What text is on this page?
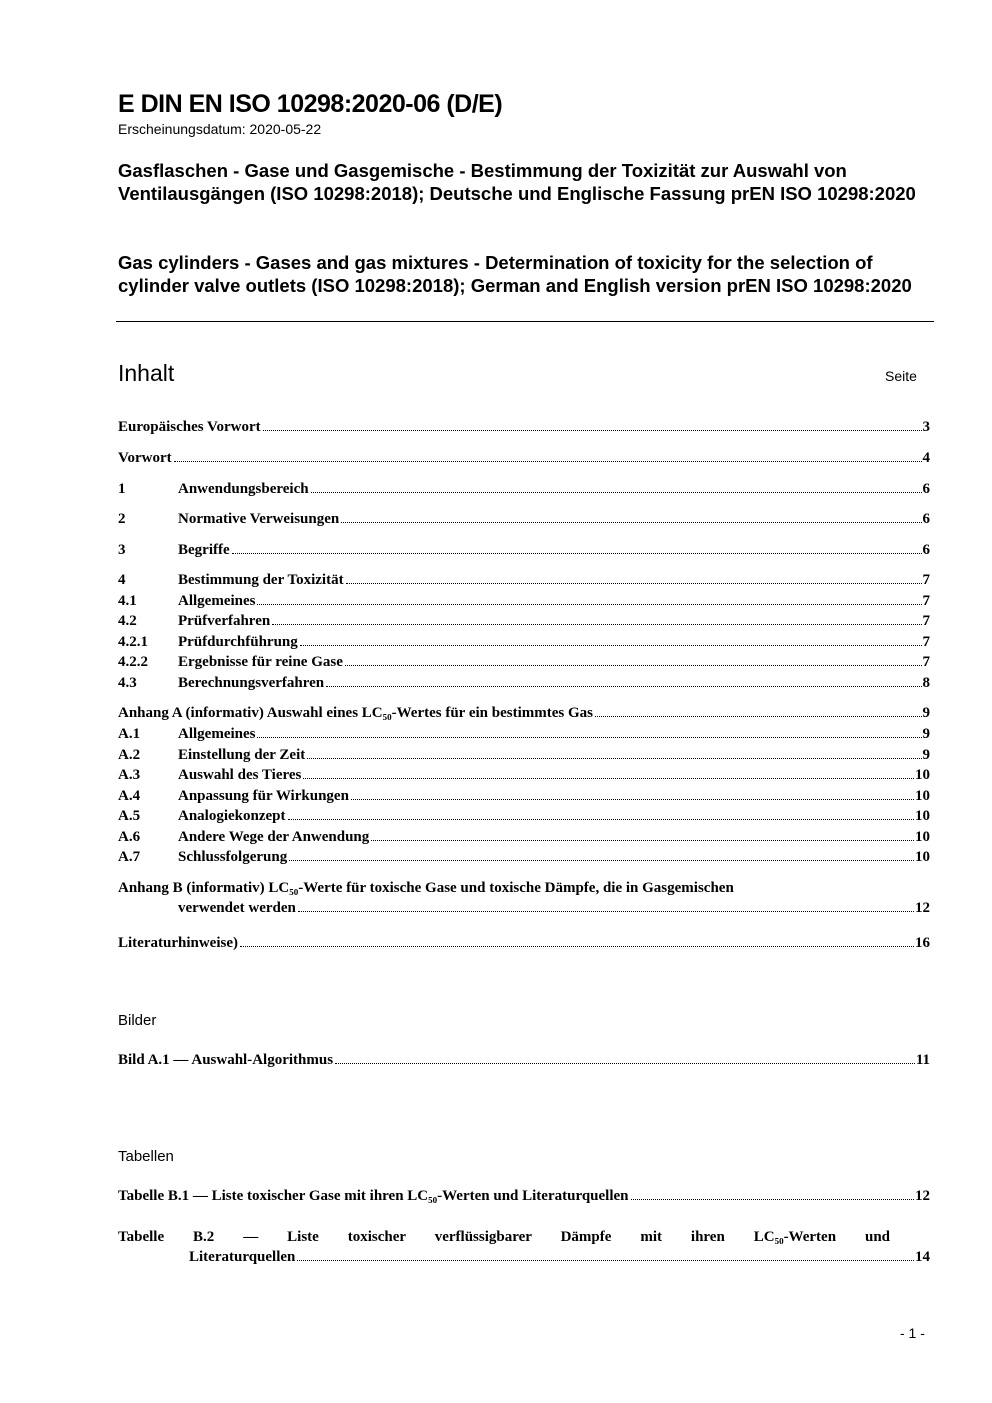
E DIN EN ISO 10298:2020-06 (D/E)
Erscheinungsdatum: 2020-05-22
Gasflaschen - Gase und Gasgemische - Bestimmung der Toxizität zur Auswahl von Ventilausgängen (ISO 10298:2018); Deutsche und Englische Fassung prEN ISO 10298:2020
Gas cylinders - Gases and gas mixtures - Determination of toxicity for the selection of cylinder valve outlets (ISO 10298:2018); German and English version prEN ISO 10298:2020
Inhalt	Seite
Europäisches Vorwort	3
Vorwort	4
1	Anwendungsbereich	6
2	Normative Verweisungen	6
3	Begriffe	6
4	Bestimmung der Toxizität	7
4.1	Allgemeines	7
4.2	Prüfverfahren	7
4.2.1	Prüfdurchführung	7
4.2.2	Ergebnisse für reine Gase	7
4.3	Berechnungsverfahren	8
Anhang A (informativ) Auswahl eines LC₅₀-Wertes für ein bestimmtes Gas	9
A.1	Allgemeines	9
A.2	Einstellung der Zeit	9
A.3	Auswahl des Tieres	10
A.4	Anpassung für Wirkungen	10
A.5	Analogiekonzept	10
A.6	Andere Wege der Anwendung	10
A.7	Schlussfolgerung	10
Anhang B (informativ) LC₅₀-Werte für toxische Gase und toxische Dämpfe, die in Gasgemischen
verwendet werden	12
Literaturhinweise)	16
Bilder
Bild A.1 — Auswahl-Algorithmus	11
Tabellen
Tabelle B.1 — Liste toxischer Gase mit ihren LC₅₀-Werten und Literaturquellen	12
Tabelle B.2 — Liste toxischer verflüssigbarer Dämpfe mit ihren LC₅₀-Werten und
Literaturquellen	14
- 1 -
